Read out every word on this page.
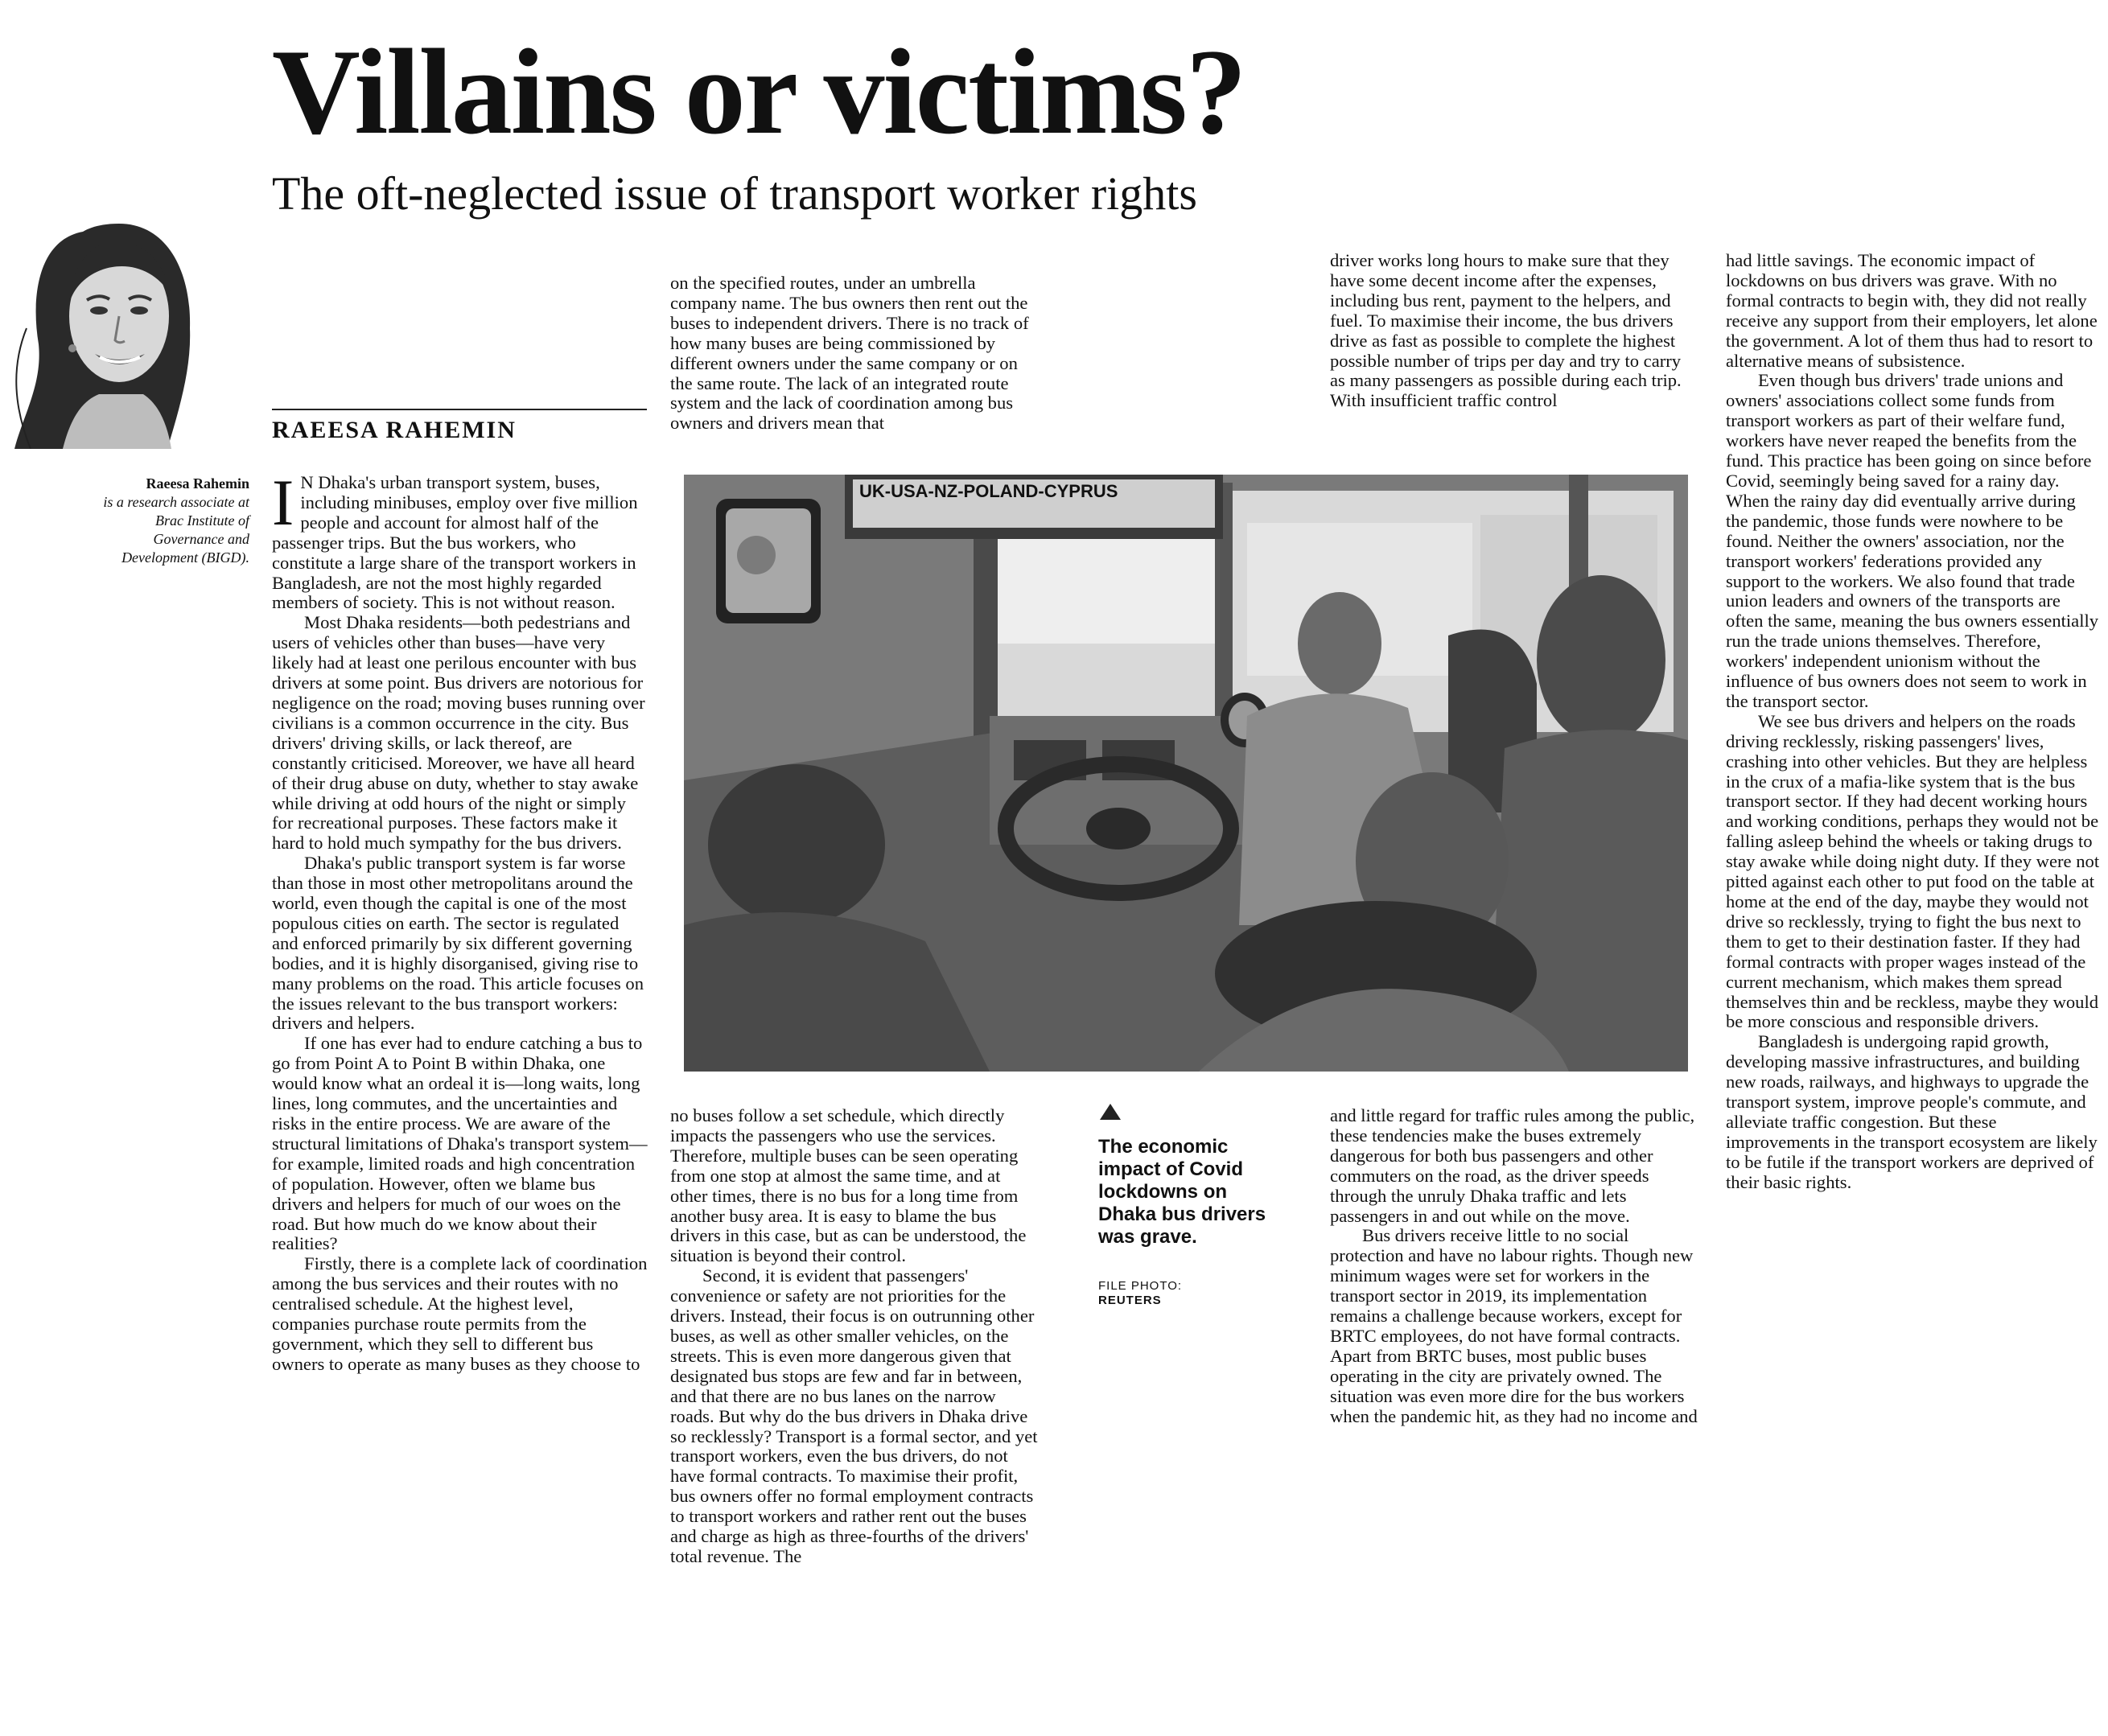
Villains or victims?
The oft-neglected issue of transport worker rights
RAEESA RAHEMIN
Raeesa Rahemin
is a research associate at Brac Institute of Governance and Development (BIGD).

I N Dhaka's urban transport system, buses, including minibuses, employ over five million people and account for almost half of the passenger trips. But the bus workers, who constitute a large share of the transport workers in Bangladesh, are not the most highly regarded members of society. This is not without reason.

Most Dhaka residents—both pedestrians and users of vehicles other than buses—have very likely had at least one perilous encounter with bus drivers at some point. Bus drivers are notorious for negligence on the road; moving buses running over civilians is a common occurrence in the city. Bus drivers' driving skills, or lack thereof, are constantly criticised. Moreover, we have all heard of their drug abuse on duty, whether to stay awake while driving at odd hours of the night or simply for recreational purposes. These factors make it hard to hold much sympathy for the bus drivers.

Dhaka's public transport system is far worse than those in most other metropolitans around the world, even though the capital is one of the most populous cities on earth. The sector is regulated and enforced primarily by six different governing bodies, and it is highly disorganised, giving rise to many problems on the road. This article focuses on the issues relevant to the bus transport workers: drivers and helpers.

If one has ever had to endure catching a bus to go from Point A to Point B within Dhaka, one would know what an ordeal it is—long waits, long lines, long commutes, and the uncertainties and risks in the entire process. We are aware of the structural limitations of Dhaka's transport system—for example, limited roads and high concentration of population. However, often we blame bus drivers and helpers for much of our woes on the road. But how much do we know about their realities?

Firstly, there is a complete lack of coordination among the bus services and their routes with no centralised schedule. At the highest level, companies purchase route permits from the government, which they sell to different bus owners to operate as many buses as they choose to

on the specified routes, under an umbrella company name. The bus owners then rent out the buses to independent drivers. There is no track of how many buses are being commissioned by different owners under the same company or on the same route. The lack of an integrated route system and the lack of coordination among bus owners and drivers mean that

driver works long hours to make sure that they have some decent income after the expenses, including bus rent, payment to the helpers, and fuel. To maximise their income, the bus drivers drive as fast as possible to complete the highest possible number of trips per day and try to carry as many passengers as possible during each trip. With insufficient traffic control

had little savings. The economic impact of lockdowns on bus drivers was grave. With no formal contracts to begin with, they did not really receive any support from their employers, let alone the government. A lot of them thus had to resort to alternative means of subsistence.

Even though bus drivers' trade unions and owners' associations collect some funds from transport workers as part of their welfare fund, workers have never reaped the benefits from the fund. This practice has been going on since before Covid, seemingly being saved for a rainy day. When the rainy day did eventually arrive during the pandemic, those funds were nowhere to be found. Neither the owners' association, nor the transport workers' federations provided any support to the workers. We also found that trade union leaders and owners of the transports are often the same, meaning the bus owners essentially run the trade unions themselves. Therefore, workers' independent unionism without the influence of bus owners does not seem to work in the transport sector.

We see bus drivers and helpers on the roads driving recklessly, risking passengers' lives, crashing into other vehicles. But they are helpless in the crux of a mafia-like system that is the bus transport sector. If they had decent working hours and working conditions, perhaps they would not be falling asleep behind the wheels or taking drugs to stay awake while doing night duty. If they were not pitted against each other to put food on the table at home at the end of the day, maybe they would not drive so recklessly, trying to fight the bus next to them to get to their destination faster. If they had formal contracts with proper wages instead of the current mechanism, which makes them spread themselves thin and be reckless, maybe they would be more conscious and responsible drivers.

Bangladesh is undergoing rapid growth, developing massive infrastructures, and building new roads, railways, and highways to upgrade the transport system, improve people's commute, and alleviate traffic congestion. But these improvements in the transport ecosystem are likely to be futile if the transport workers are deprived of their basic rights.

UK-USA-NZ-POLAND-CYPRUS
The economic impact of Covid lockdowns on Dhaka bus drivers was grave.
FILE PHOTO:
REUTERS

no buses follow a set schedule, which directly impacts the passengers who use the services. Therefore, multiple buses can be seen operating from one stop at almost the same time, and at other times, there is no bus for a long time from another busy area. It is easy to blame the bus drivers in this case, but as can be understood, the situation is beyond their control.

Second, it is evident that passengers' convenience or safety are not priorities for the drivers. Instead, their focus is on outrunning other buses, as well as other smaller vehicles, on the streets. This is even more dangerous given that designated bus stops are few and far in between, and that there are no bus lanes on the narrow roads. But why do the bus drivers in Dhaka drive so recklessly? Transport is a formal sector, and yet transport workers, even the bus drivers, do not have formal contracts. To maximise their profit, bus owners offer no formal employment contracts to transport workers and rather rent out the buses and charge as high as three-fourths of the drivers' total revenue. The

and little regard for traffic rules among the public, these tendencies make the buses extremely dangerous for both bus passengers and other commuters on the road, as the driver speeds through the unruly Dhaka traffic and lets passengers in and out while on the move.

Bus drivers receive little to no social protection and have no labour rights. Though new minimum wages were set for workers in the transport sector in 2019, its implementation remains a challenge because workers, except for BRTC employees, do not have formal contracts. Apart from BRTC buses, most public buses operating in the city are privately owned. The situation was even more dire for the bus workers when the pandemic hit, as they had no income and
